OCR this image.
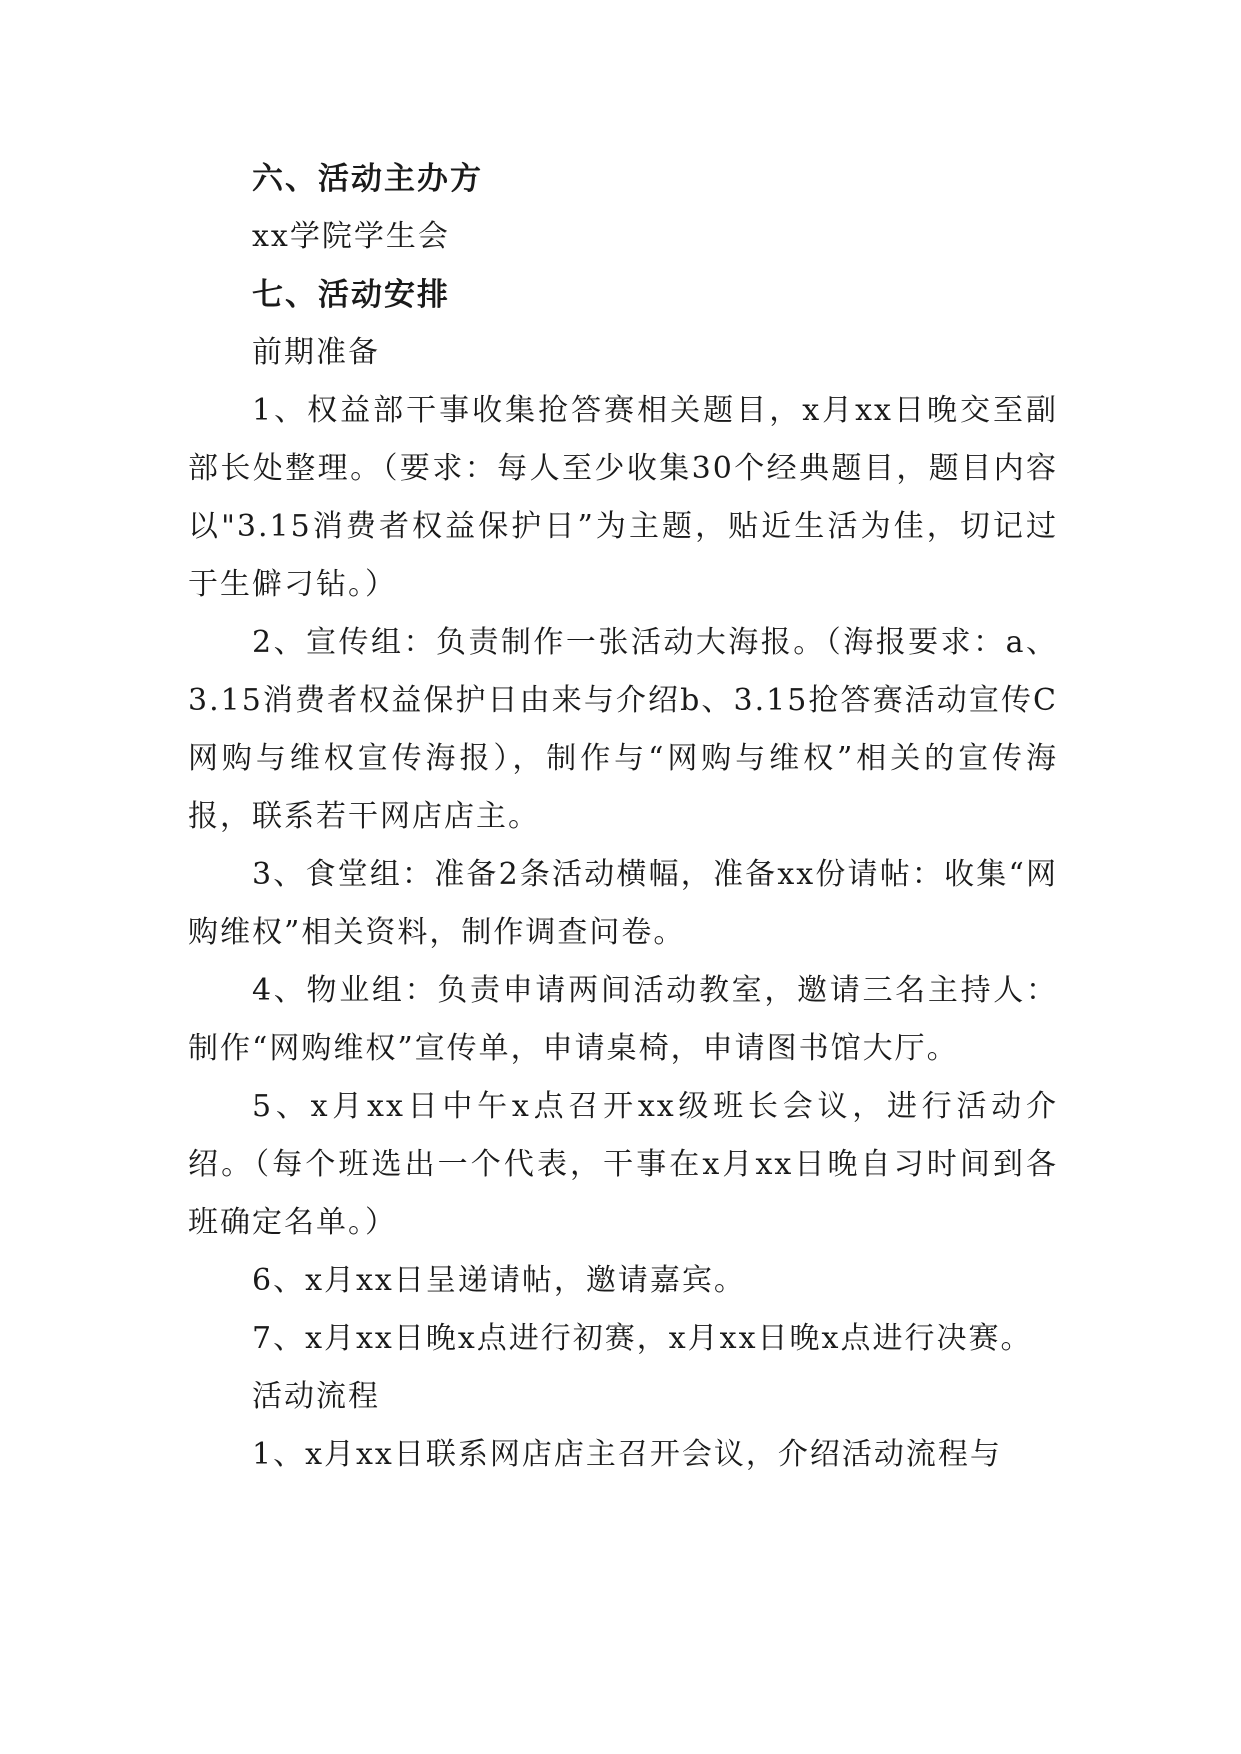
六、活动主办方

xx学院学生会

七、活动安排

前期准备

1、权益部干事收集抢答赛相关题目，x月xx日晚交至副部长处整理。（要求：每人至少收集30个经典题目，题目内容以"3.15消费者权益保护日”为主题，贴近生活为佳，切记过于生僻刁钻。）

2、宣传组：负责制作一张活动大海报。（海报要求：a、3.15消费者权益保护日由来与介绍b、3.15抢答赛活动宣传C网购与维权宣传海报），制作与“网购与维权”相关的宣传海报，联系若干网店店主。

3、食堂组：准备2条活动横幅，准备xx份请帖：收集“网购维权”相关资料，制作调查问卷。

4、物业组：负责申请两间活动教室，邀请三名主持人：制作“网购维权”宣传单，申请桌椅，申请图书馆大厅。

5、x月xx日中午x点召开xx级班长会议，进行活动介绍。（每个班选出一个代表，干事在x月xx日晚自习时间到各班确定名单。）

6、x月xx日呈递请帖，邀请嘉宾。

7、x月xx日晚x点进行初赛，x月xx日晚x点进行决赛。

活动流程

1、x月xx日联系网店店主召开会议，介绍活动流程与
